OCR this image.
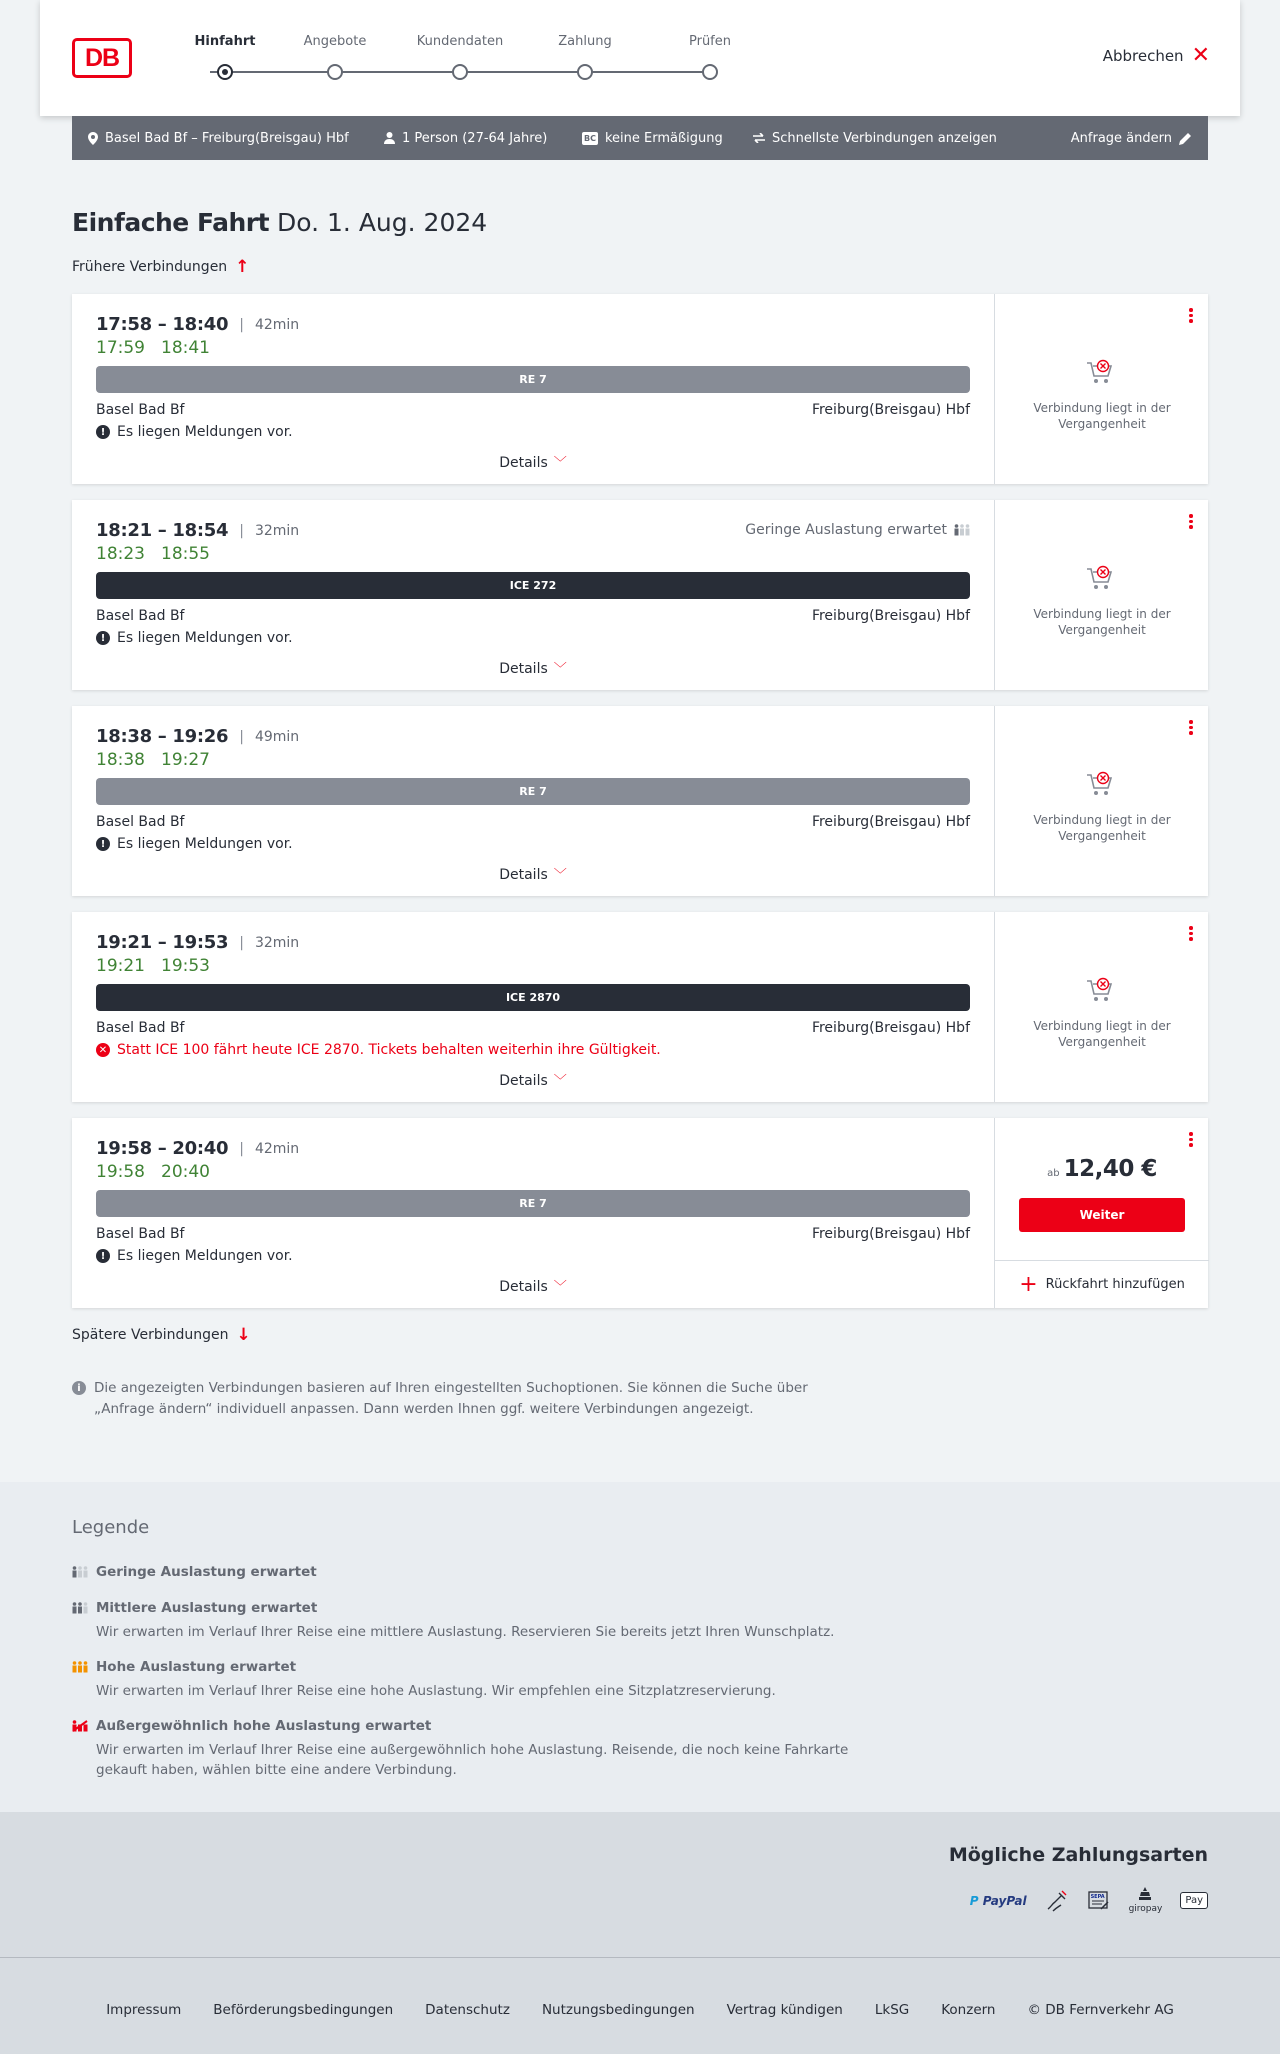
DB
Hinfahrt	Angebote	Kundendaten	Zahlung	Prüfen
Abbrechen ✕
Basel Bad Bf – Freiburg(Breisgau) Hbf	1 Person (27-64 Jahre)	BC keine Ermäßigung	Schnellste Verbindungen anzeigen	Anfrage ändern
Einfache Fahrt Do. 1. Aug. 2024
Frühere Verbindungen ↑
17:58 – 18:40 | 42min
17:59 18:41
RE 7
Basel Bad Bf	Freiburg(Breisgau) Hbf
! Es liegen Meldungen vor.
Details ﹀
Verbindung liegt in der Vergangenheit
18:21 – 18:54 | 32min	Geringe Auslastung erwartet
18:23 18:55
ICE 272
Basel Bad Bf	Freiburg(Breisgau) Hbf
! Es liegen Meldungen vor.
Details ﹀
Verbindung liegt in der Vergangenheit
18:38 – 19:26 | 49min
18:38 19:27
RE 7
Basel Bad Bf	Freiburg(Breisgau) Hbf
! Es liegen Meldungen vor.
Details ﹀
Verbindung liegt in der Vergangenheit
19:21 – 19:53 | 32min
19:21 19:53
ICE 2870
Basel Bad Bf	Freiburg(Breisgau) Hbf
✕ Statt ICE 100 fährt heute ICE 2870. Tickets behalten weiterhin ihre Gültigkeit.
Details ﹀
Verbindung liegt in der Vergangenheit
19:58 – 20:40 | 42min
19:58 20:40
RE 7
Basel Bad Bf	Freiburg(Breisgau) Hbf
! Es liegen Meldungen vor.
Details ﹀
ab 12,40 €
Weiter
+ Rückfahrt hinzufügen
Spätere Verbindungen ↓
i Die angezeigten Verbindungen basieren auf Ihren eingestellten Suchoptionen. Sie können die Suche über „Anfrage ändern“ individuell anpassen. Dann werden Ihnen ggf. weitere Verbindungen angezeigt.
Legende
Geringe Auslastung erwartet
Mittlere Auslastung erwartet
Wir erwarten im Verlauf Ihrer Reise eine mittlere Auslastung. Reservieren Sie bereits jetzt Ihren Wunschplatz.
Hohe Auslastung erwartet
Wir erwarten im Verlauf Ihrer Reise eine hohe Auslastung. Wir empfehlen eine Sitzplatzreservierung.
Außergewöhnlich hohe Auslastung erwartet
Wir erwarten im Verlauf Ihrer Reise eine außergewöhnlich hohe Auslastung. Reisende, die noch keine Fahrkarte gekauft haben, wählen bitte eine andere Verbindung.
Mögliche Zahlungsarten
P PayPal	SEPA

giropay
Pay
Impressum Beförderungsbedingungen Datenschutz Nutzungsbedingungen Vertrag kündigen LkSG Konzern © DB Fernverkehr AG
